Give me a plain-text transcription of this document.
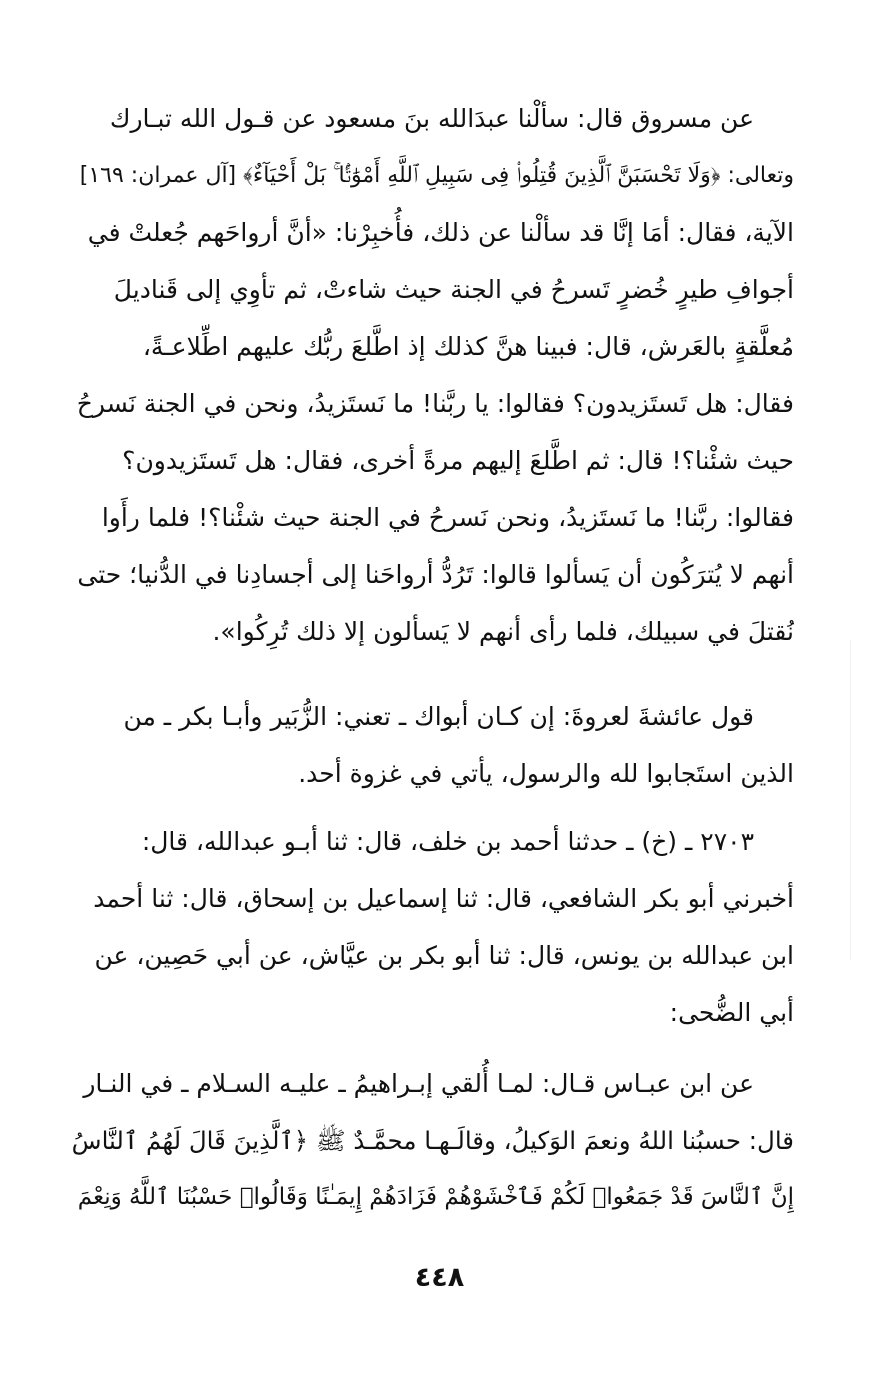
عن مسروق قال: سألْنا عبدَالله بنَ مسعود عن قـول الله تبـارك
وتعالى: ﴿وَلَا تَحْسَبَنَّ ٱلَّذِينَ قُتِلُوا۟ فِى سَبِيلِ ٱللَّهِ أَمْوَٰتًۢا ۚ بَلْ أَحْيَآءٌ﴾ [آل عمران: ١٦٩]
الآية، فقال: أمَا إنَّا قد سألْنا عن ذلك، فأُخبِرْنا: «أنَّ أرواحَهم جُعلتْ في
أجوافِ طيرٍ خُضرٍ تَسرحُ في الجنة حيث شاءتْ، ثم تأوِي إلى قَناديلَ
مُعلَّقةٍ بالعَرش، قال: فبينا هنَّ كذلك إذ اطَّلعَ ربُّك عليهم اطِّلاعـةً،
فقال: هل تَستَزيدون؟ فقالوا: يا ربَّنا! ما نَستَزيدُ، ونحن في الجنة نَسرحُ
حيث شئْنا؟! قال: ثم اطَّلعَ إليهم مرةً أخرى، فقال: هل تَستَزيدون؟
فقالوا: ربَّنا! ما نَستَزيدُ، ونحن نَسرحُ في الجنة حيث شئْنا؟! فلما رأَوا
أنهم لا يُترَكُون أن يَسألوا قالوا: تَرُدُّ أرواحَنا إلى أجسادِنا في الدُّنيا؛ حتى
نُقتلَ في سبيلك، فلما رأى أنهم لا يَسألون إلا ذلك تُرِكُوا».
قول عائشةَ لعروةَ: إن كـان أبواك ـ تعني: الزُّبَير وأبـا بكر ـ من
الذين استَجابوا لله والرسول، يأتي في غزوة أحد.
٢٧٠٣ ـ (خ) ـ حدثنا أحمد بن خلف، قال: ثنا أبـو عبدالله، قال:
أخبرني أبو بكر الشافعي، قال: ثنا إسماعيل بن إسحاق، قال: ثنا أحمد
ابن عبدالله بن يونس، قال: ثنا أبو بكر بن عيَّاش، عن أبي حَصِين، عن
أبي الضُّحى:
عن ابن عبـاس قـال: لمـا أُلقي إبـراهيمُ ـ عليـه السـلام ـ في النـار
قال: حسبُنا اللهُ ونعمَ الوَكيلُ، وقالَـهـا محمَّـدٌ ﷺ ﴿ٱلَّذِينَ قَالَ لَهُمُ ٱلنَّاسُ
إِنَّ ٱلنَّاسَ قَدْ جَمَعُوا۟ لَكُمْ فَٱخْشَوْهُمْ فَزَادَهُمْ إِيمَـٰنًا وَقَالُوا۟ حَسْبُنَا ٱللَّهُ وَنِعْمَ
٤٤٨
